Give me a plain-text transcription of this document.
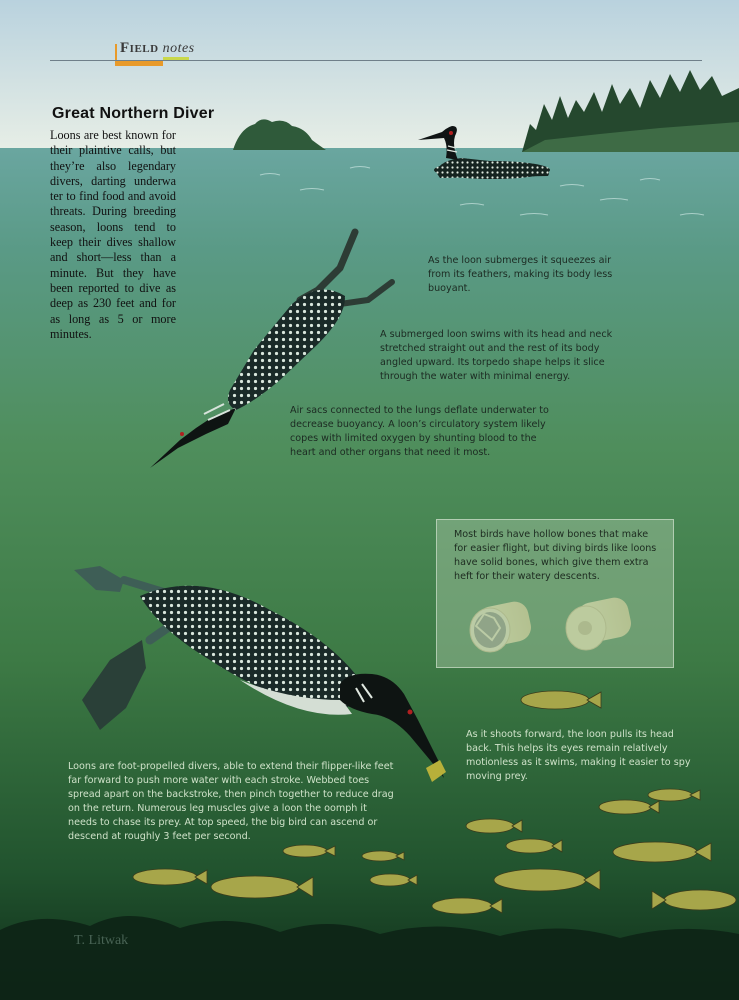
Field notes
Great Northern Diver
Loons are best known for their plaintive calls, but they’re also legendary divers, darting underwa ter to find food and avoid threats. During breeding season, loons tend to keep their dives shallow and short—less than a minute. But they have been reported to dive as deep as 230 feet and for as long as 5 or more minutes.
As the loon submerges it squeezes air from its feathers, making its body less buoyant.
A submerged loon swims with its head and neck stretched straight out and the rest of its body angled upward. Its torpedo shape helps it slice through the water with minimal energy.
Air sacs connected to the lungs deflate underwater to decrease buoyancy. A loon’s circulatory system likely copes with limited oxygen by shunting blood to the heart and other organs that need it most.
Most birds have hollow bones that make for easier flight, but diving birds like loons have solid bones, which give them extra heft for their watery descents.
As it shoots forward, the loon pulls its head back. This helps its eyes remain relatively motionless as it swims, making it easier to spy moving prey.
Loons are foot-propelled divers, able to extend their flipper-like feet far forward to push more water with each stroke. Webbed toes spread apart on the backstroke, then pinch together to reduce drag on the return. Numerous leg muscles give a loon the oomph it needs to chase its prey. At top speed, the big bird can ascend or descend at roughly 3 feet per second.
T. Litwak
